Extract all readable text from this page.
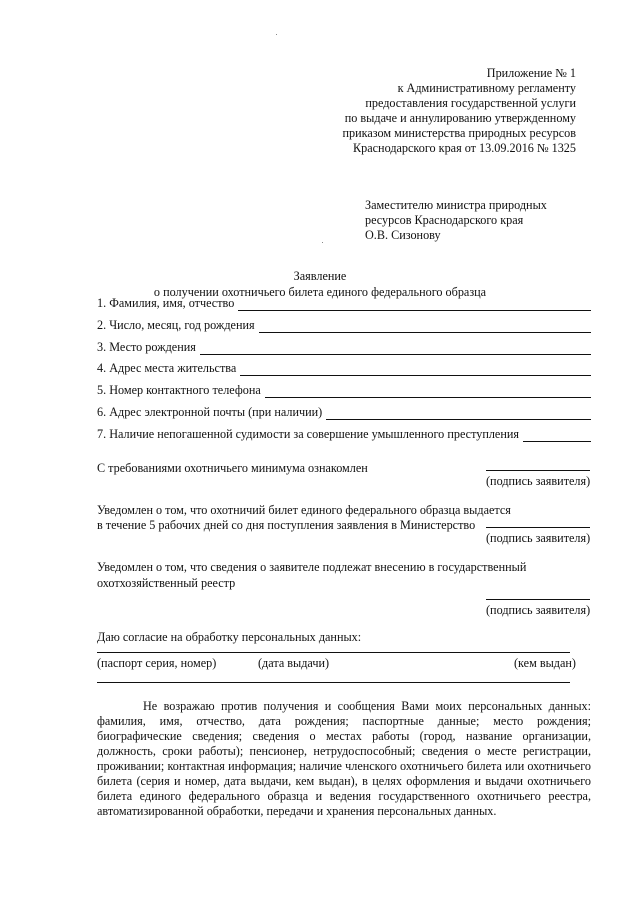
Приложение № 1
к Административному регламенту
предоставления государственной услуги
по выдаче и аннулированию утвержденному
приказом министерства природных ресурсов
Краснодарского края от 13.09.2016 № 1325
Заместителю министра природных
ресурсов Краснодарского края
О.В. Сизонову
Заявление
о получении охотничьего билета единого федерального образца
1. Фамилия, имя, отчество
2. Число, месяц, год рождения
3. Место рождения
4. Адрес места жительства
5. Номер контактного телефона
6. Адрес электронной почты (при наличии)
7. Наличие непогашенной судимости за совершение умышленного преступления
С требованиями охотничьего минимума ознакомлен
(подпись заявителя)
Уведомлен о том, что охотничий билет единого федерального образца выдается
в течение 5 рабочих дней со дня поступления заявления в Министерство
(подпись заявителя)
Уведомлен о том, что сведения о заявителе подлежат внесению в государственный
охотхозяйственный реестр
(подпись заявителя)
Даю согласие на обработку персональных данных:
(паспорт серия, номер)	(дата выдачи)	(кем выдан)
Не возражаю против получения и сообщения Вами моих персональных данных: фамилия, имя, отчество, дата рождения; паспортные данные; место рождения; биографические сведения; сведения о местах работы (город, название организации, должность, сроки работы); пенсионер, нетрудоспособный; сведения о месте регистрации, проживании; контактная информация; наличие членского охотничьего билета или охотничьего билета (серия и номер, дата выдачи, кем выдан), в целях оформления и выдачи охотничьего билета единого федерального образца и ведения государственного охотничьего реестра, автоматизированной обработки, передачи и хранения персональных данных.
